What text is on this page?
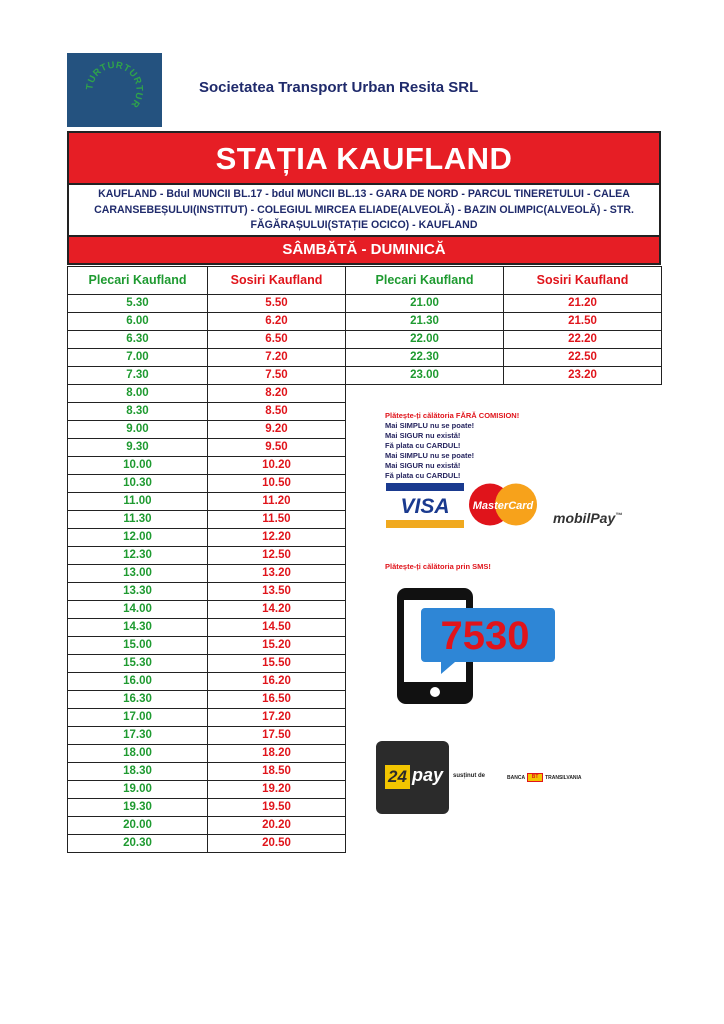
TURTURTURTUR
Societatea Transport Urban Resita SRL
STAȚIA KAUFLAND
KAUFLAND - Bdul MUNCII BL.17 - bdul MUNCII BL.13 - GARA DE NORD - PARCUL TINERETULUI - CALEA CARANSEBEȘULUI(INSTITUT) - COLEGIUL MIRCEA ELIADE(ALVEOLĂ) - BAZIN OLIMPIC(ALVEOLĂ) - STR. FĂGĂRAȘULUI(STAȚIE OCICO) - KAUFLAND
SÂMBĂTĂ - DUMINICĂ
Plecari Kaufland	Sosiri Kaufland	Plecari Kaufland	Sosiri Kaufland
5.30	5.50	21.00	21.20
6.00	6.20	21.30	21.50
6.30	6.50	22.00	22.20
7.00	7.20	22.30	22.50
7.30	7.50	23.00	23.20
8.00	8.20		
8.30	8.50		
9.00	9.20		
9.30	9.50		
10.00	10.20		
10.30	10.50		
11.00	11.20		
11.30	11.50		
12.00	12.20		
12.30	12.50		
13.00	13.20		
13.30	13.50		
14.00	14.20		
14.30	14.50		
15.00	15.20		
15.30	15.50		
16.00	16.20		
16.30	16.50		
17.00	17.20		
17.30	17.50		
18.00	18.20		
18.30	18.50		
19.00	19.20		
19.30	19.50		
20.00	20.20		
20.30	20.50		
Plătește-ți călătoria FĂRĂ COMISION!
Mai SIMPLU nu se poate!
Mai SIGUR nu există!
Fă plata cu CARDUL!
Mai SIMPLU nu se poate!
Mai SIGUR nu există!
Fă plata cu CARDUL!
VISA MasterCard
mobilPay™
Plătește-ți călătoria prin SMS!
7530
24 pay susținut de	BANCA BT TRANSILVANIA
